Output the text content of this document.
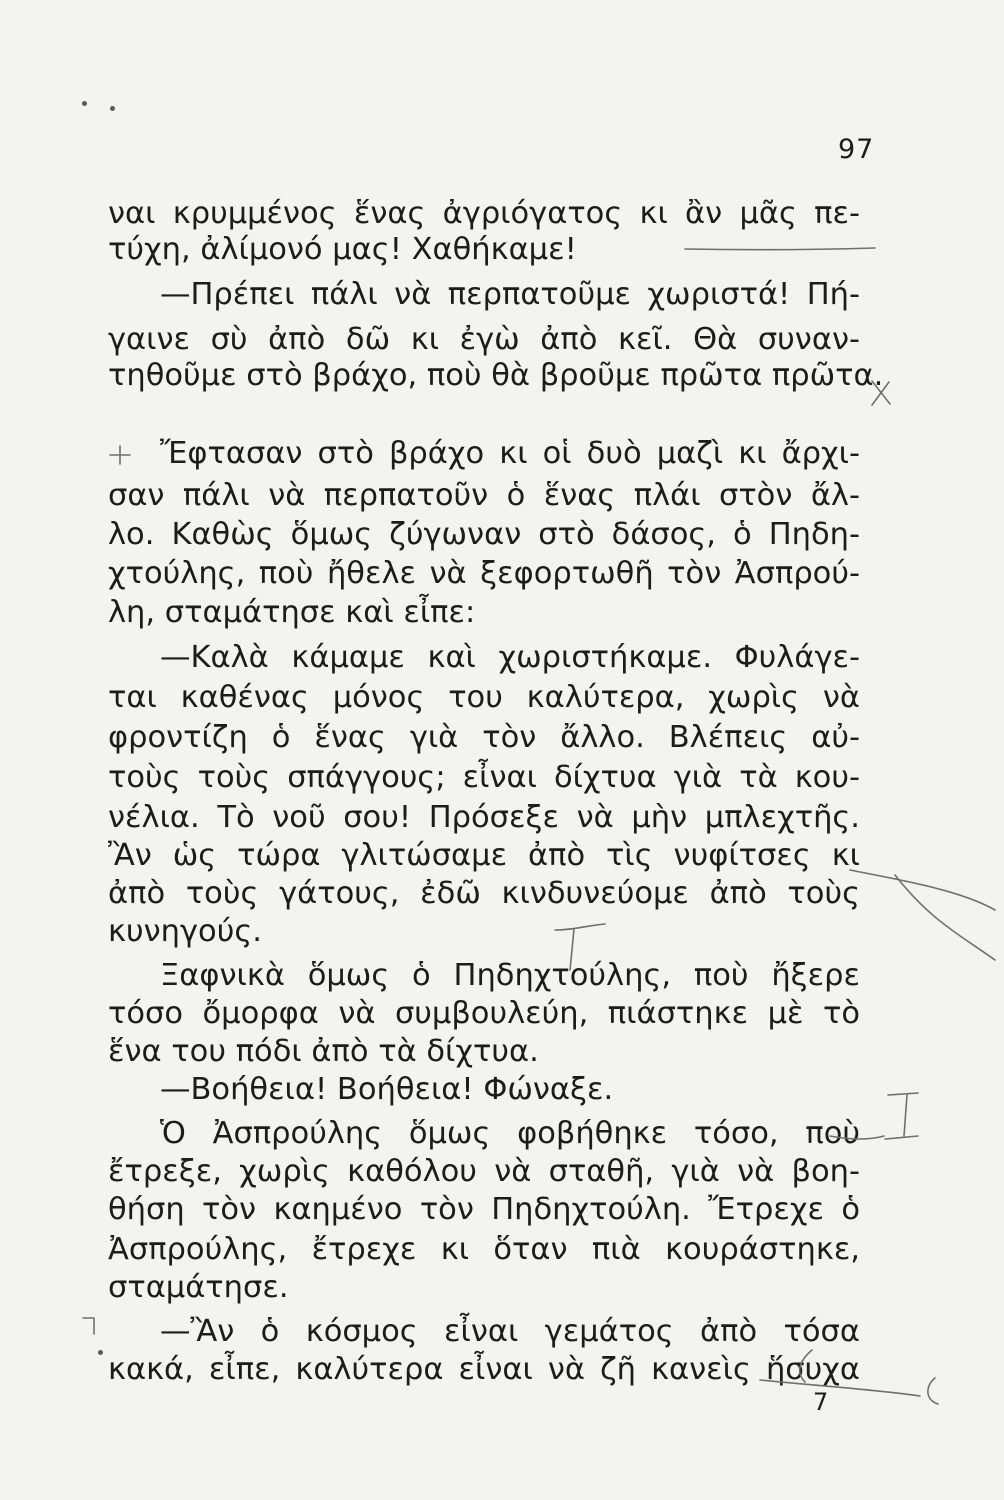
97
ναι κρυμμένος ἕνας ἀγριόγατος κι ἂν μᾶς πε-
τύχη, ἀλίμονό μας! Χαθήκαμε!
—Πρέπει πάλι νὰ περπατοῦμε χωριστά! Πή-
γαινε σὺ ἀπὸ δῶ κι ἐγὼ ἀπὸ κεῖ. Θὰ συναν-
τηθοῦμε στὸ βράχο, ποὺ θὰ βροῦμε πρῶτα πρῶτα.
Ἔφτασαν στὸ βράχο κι οἱ δυὸ μαζὶ κι ἄρχι-
σαν πάλι νὰ περπατοῦν ὁ ἕνας πλάι στὸν ἄλ-
λο. Καθὼς ὅμως ζύγωναν στὸ δάσος, ὁ Πηδη-
χτούλης, ποὺ ἤθελε νὰ ξεφορτωθῆ τὸν Ἀσπρού-
λη, σταμάτησε καὶ εἶπε:
—Καλὰ κάμαμε καὶ χωριστήκαμε. Φυλάγε-
ται καθένας μόνος του καλύτερα, χωρὶς νὰ
φροντίζη ὁ ἕνας γιὰ τὸν ἄλλο. Βλέπεις αὐ-
τοὺς τοὺς σπάγγους; εἶναι δίχτυα γιὰ τὰ κου-
νέλια. Τὸ νοῦ σου! Πρόσεξε νὰ μὴν μπλεχτῆς.
Ἂν ὡς τώρα γλιτώσαμε ἀπὸ τὶς νυφίτσες κι
ἀπὸ τοὺς γάτους, ἐδῶ κινδυνεύομε ἀπὸ τοὺς
κυνηγούς.
Ξαφνικὰ ὅμως ὁ Πηδηχτούλης, ποὺ ἤξερε
τόσο ὄμορφα νὰ συμβουλεύη, πιάστηκε μὲ τὸ
ἕνα του πόδι ἀπὸ τὰ δίχτυα.
—Βοήθεια! Βοήθεια! Φώναξε.
Ὁ Ἀσπρούλης ὅμως φοβήθηκε τόσο, ποὺ
ἔτρεξε, χωρὶς καθόλου νὰ σταθῆ, γιὰ νὰ βοη-
θήση τὸν καημένο τὸν Πηδηχτούλη. Ἔτρεχε ὁ
Ἀσπρούλης, ἔτρεχε κι ὅταν πιὰ κουράστηκε,
σταμάτησε.
—Ἂν ὁ κόσμος εἶναι γεμάτος ἀπὸ τόσα
κακά, εἶπε, καλύτερα εἶναι νὰ ζῆ κανεὶς ἥσυχα
7
